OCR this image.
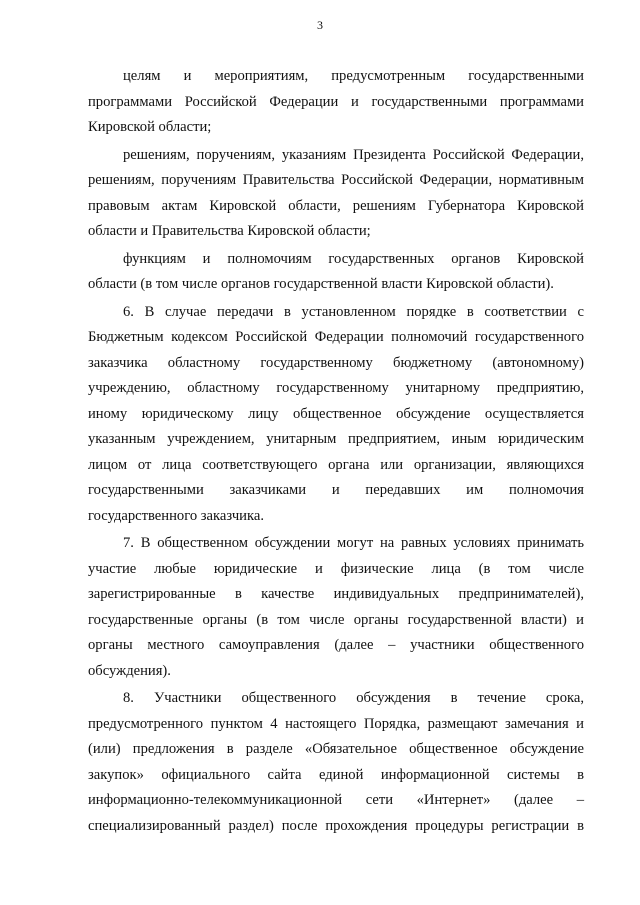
3
целям и мероприятиям, предусмотренным государственными
программами Российской Федерации и государственными программами
Кировской области;
решениям, поручениям, указаниям Президента Российской Федерации,
решениям, поручениям Правительства Российской Федерации, нормативным
правовым актам Кировской области, решениям Губернатора Кировской
области и Правительства Кировской области;
функциям и полномочиям государственных органов Кировской
области (в том числе органов государственной власти Кировской области).
6. В случае передачи в установленном порядке в соответствии с
Бюджетным кодексом Российской Федерации полномочий государственного
заказчика областному государственному бюджетному (автономному)
учреждению, областному государственному унитарному предприятию,
иному юридическому лицу общественное обсуждение осуществляется
указанным учреждением, унитарным предприятием, иным юридическим
лицом от лица соответствующего органа или организации, являющихся
государственными заказчиками и передавших им полномочия
государственного заказчика.
7. В общественном обсуждении могут на равных условиях принимать
участие любые юридические и физические лица (в том числе
зарегистрированные в качестве индивидуальных предпринимателей),
государственные органы (в том числе органы государственной власти) и
органы местного самоуправления (далее – участники общественного
обсуждения).
8. Участники общественного обсуждения в течение срока,
предусмотренного пунктом 4 настоящего Порядка, размещают замечания и
(или) предложения в разделе «Обязательное общественное обсуждение
закупок» официального сайта единой информационной системы в
информационно-телекоммуникационной сети «Интернет» (далее –
специализированный раздел) после прохождения процедуры регистрации в
